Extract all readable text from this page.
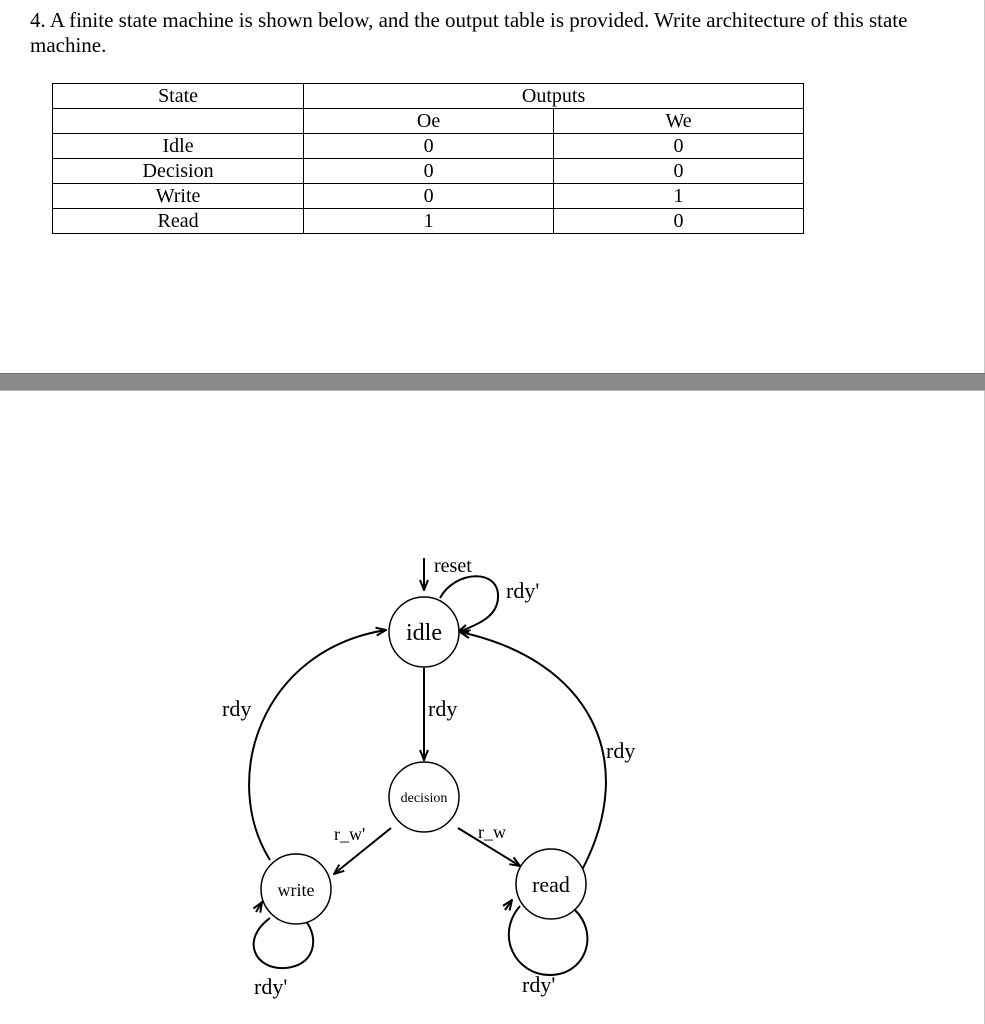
4. A finite state machine is shown below, and the output table is provided. Write architecture of this state machine.
State	Outputs	
	Oe	We
Idle	0	0
Decision	0	0
Write	0	1
Read	1	0
reset
rdy'
idle
rdy
decision
r_w'	r_w
rdy
rdy
rdy'
write
rdy'
read
